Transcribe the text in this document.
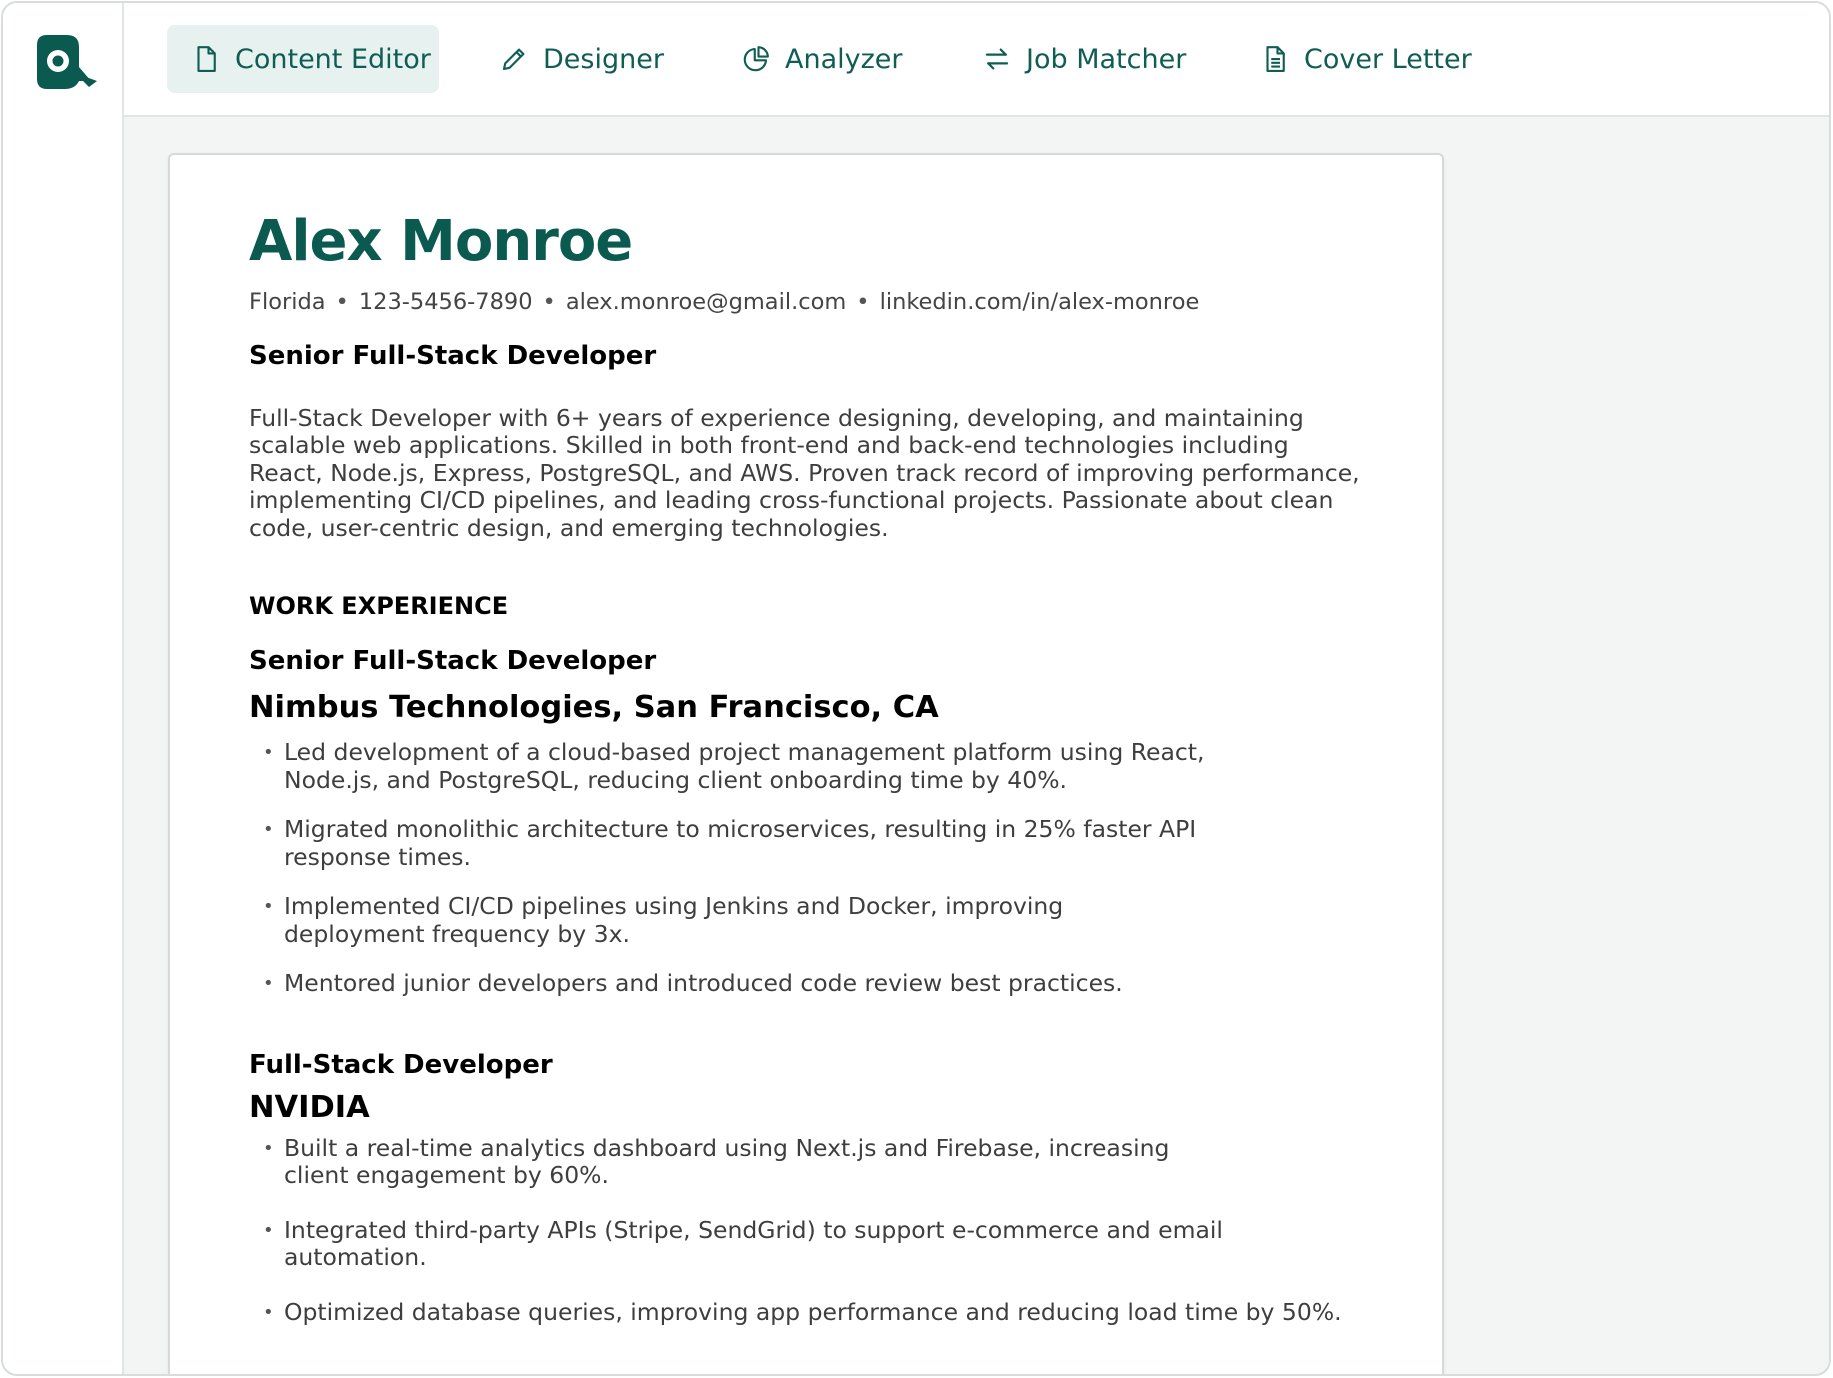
Content Editor	Designer	Analyzer	Job Matcher	Cover Letter
Alex Monroe
Florida • 123-5456-7890 • alex.monroe@gmail.com • linkedin.com/in/alex-monroe
Senior Full-Stack Developer

Full-Stack Developer with 6+ years of experience designing, developing, and maintaining scalable web applications. Skilled in both front-end and back-end technologies including React, Node.js, Express, PostgreSQL, and AWS. Proven track record of improving performance, implementing CI/CD pipelines, and leading cross-functional projects. Passionate about clean code, user-centric design, and emerging technologies.

WORK EXPERIENCE
Senior Full-Stack Developer
Nimbus Technologies, San Francisco, CA
• Led development of a cloud-based project management platform using React, Node.js, and PostgreSQL, reducing client onboarding time by 40%.
• Migrated monolithic architecture to microservices, resulting in 25% faster API response times.
• Implemented CI/CD pipelines using Jenkins and Docker, improving deployment frequency by 3x.
• Mentored junior developers and introduced code review best practices.
Full-Stack Developer
NVIDIA
• Built a real-time analytics dashboard using Next.js and Firebase, increasing client engagement by 60%.
• Integrated third-party APIs (Stripe, SendGrid) to support e-commerce and email automation.
• Optimized database queries, improving app performance and reducing load time by 50%.
